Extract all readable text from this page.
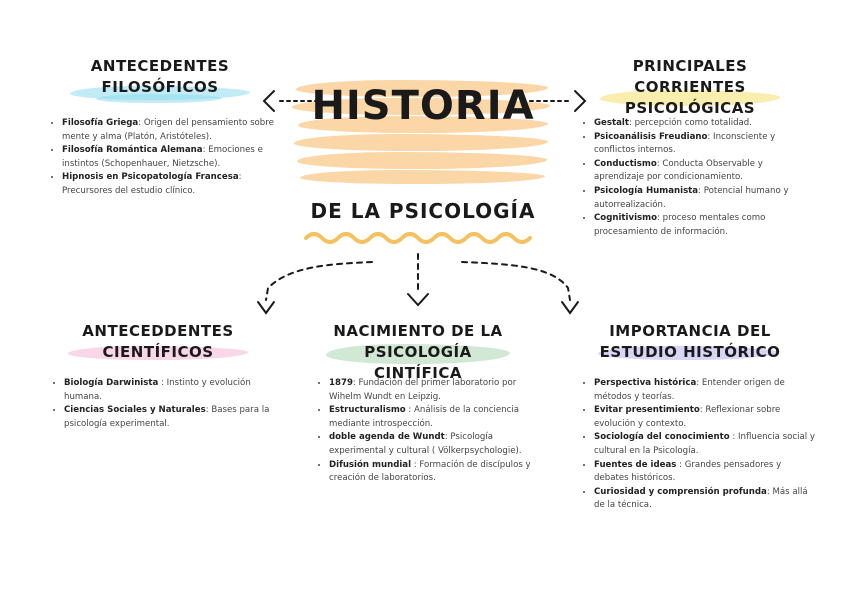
HISTORIA
DE LA PSICOLOGÍA
ANTECEDENTES
FILOSÓFICOS
• Filosofía Griega: Origen del pensamiento sobre mente y alma (Platón, Aristóteles).
• Filosofía Romántica Alemana: Emociones e instintos (Schopenhauer, Nietzsche).
• Hipnosis en Psicopatología Francesa: Precursores del estudio clínico.
PRINCIPALES
CORRIENTES
PSICOLÓGICAS
• Gestalt: percepción como totalidad.
• Psicoanálisis Freudiano: Inconsciente y conflictos internos.
• Conductismo: Conducta Observable y aprendizaje por condicionamiento.
• Psicología Humanista: Potencial humano y autorrealización.
• Cognitivismo: proceso mentales como procesamiento de información.
ANTECEDDENTES
CIENTÍFICOS
• Biología Darwinista : Instinto y evolución humana.
• Ciencias Sociales y Naturales: Bases para la psicología experimental.
NACIMIENTO DE LA
PSICOLOGÍA
CINTÍFICA
• 1879: Fundación del primer laboratorio por Wihelm Wundt en Leipzig.
• Estructuralismo : Análisis de la conciencia mediante introspección.
• doble agenda de Wundt: Psicología experimental y cultural ( Völkerpsychologie).
• Difusión mundial : Formación de discípulos y creación de laboratorios.
IMPORTANCIA DEL
ESTUDIO HISTÓRICO
• Perspectiva histórica: Entender origen de métodos y teorías.
• Evitar presentimiento: Reflexionar sobre evolución y contexto.
• Sociología del conocimiento : Influencia social y cultural en la Psicología.
• Fuentes de ideas : Grandes pensadores y debates históricos.
• Curiosidad y comprensión profunda: Más allá de la técnica.
